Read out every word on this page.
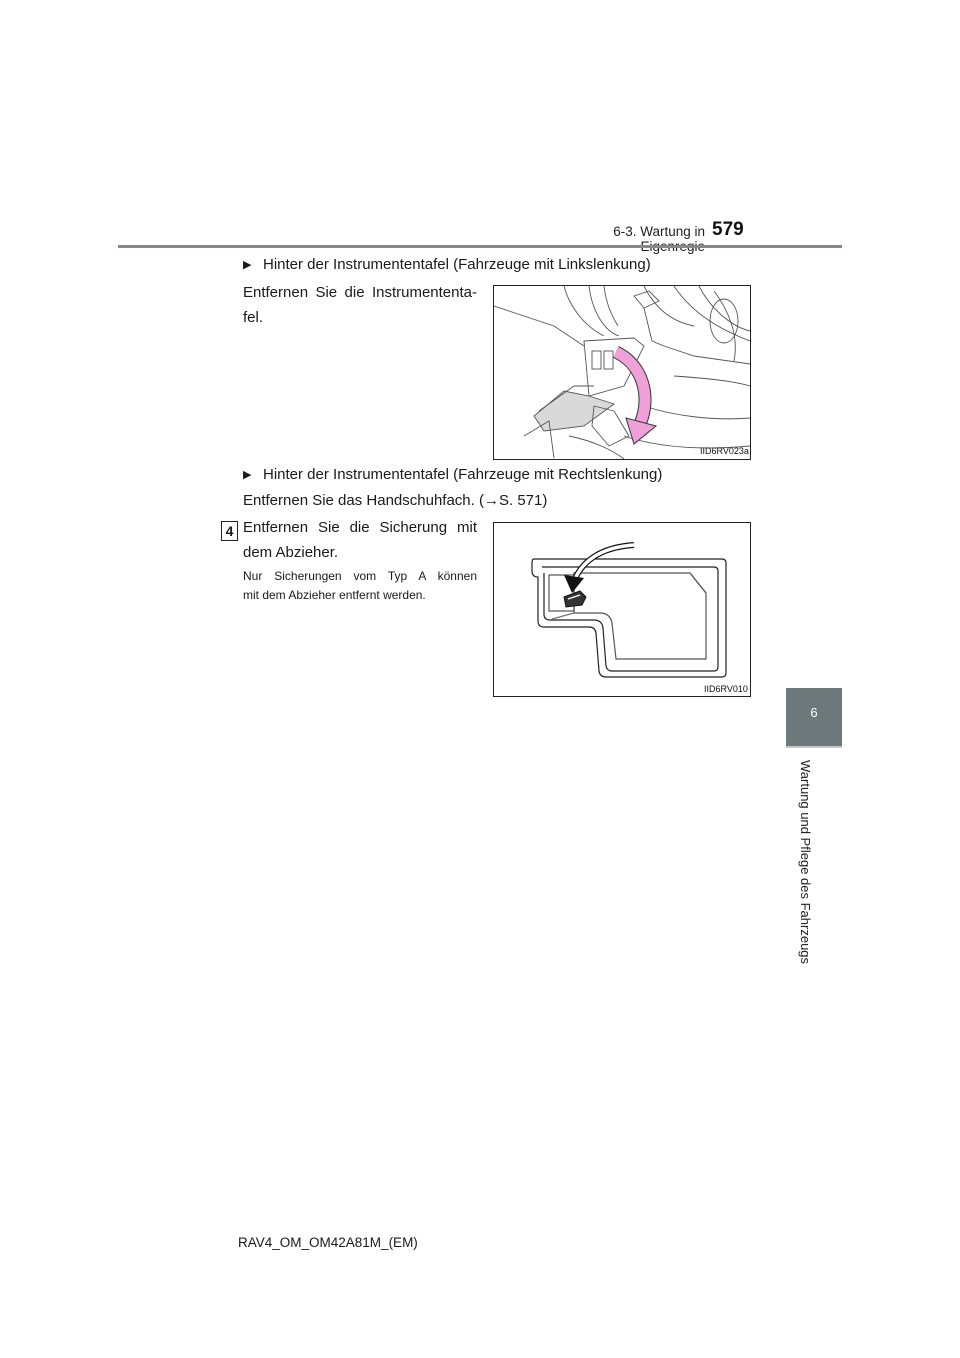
6-3. Wartung in 579
6
Wartung und Pflege des Fahrzeugs
▶ Hinter der Instrumententafel (Fahrzeuge mit Linkslenkung)
Entfernen Sie die Instrumententa-
fel.
IID6RV023a
▶ Hinter der Instrumententafel (Fahrzeuge mit Rechtslenkung)
Entfernen Sie das Handschuhfach. (→S. 571)
4 Entfernen Sie die Sicherung mit
dem Abzieher.
Nur Sicherungen vom Typ A können
mit dem Abzieher entfernt werden.
IID6RV010
RAV4_OM_OM42A81M_(EM)
